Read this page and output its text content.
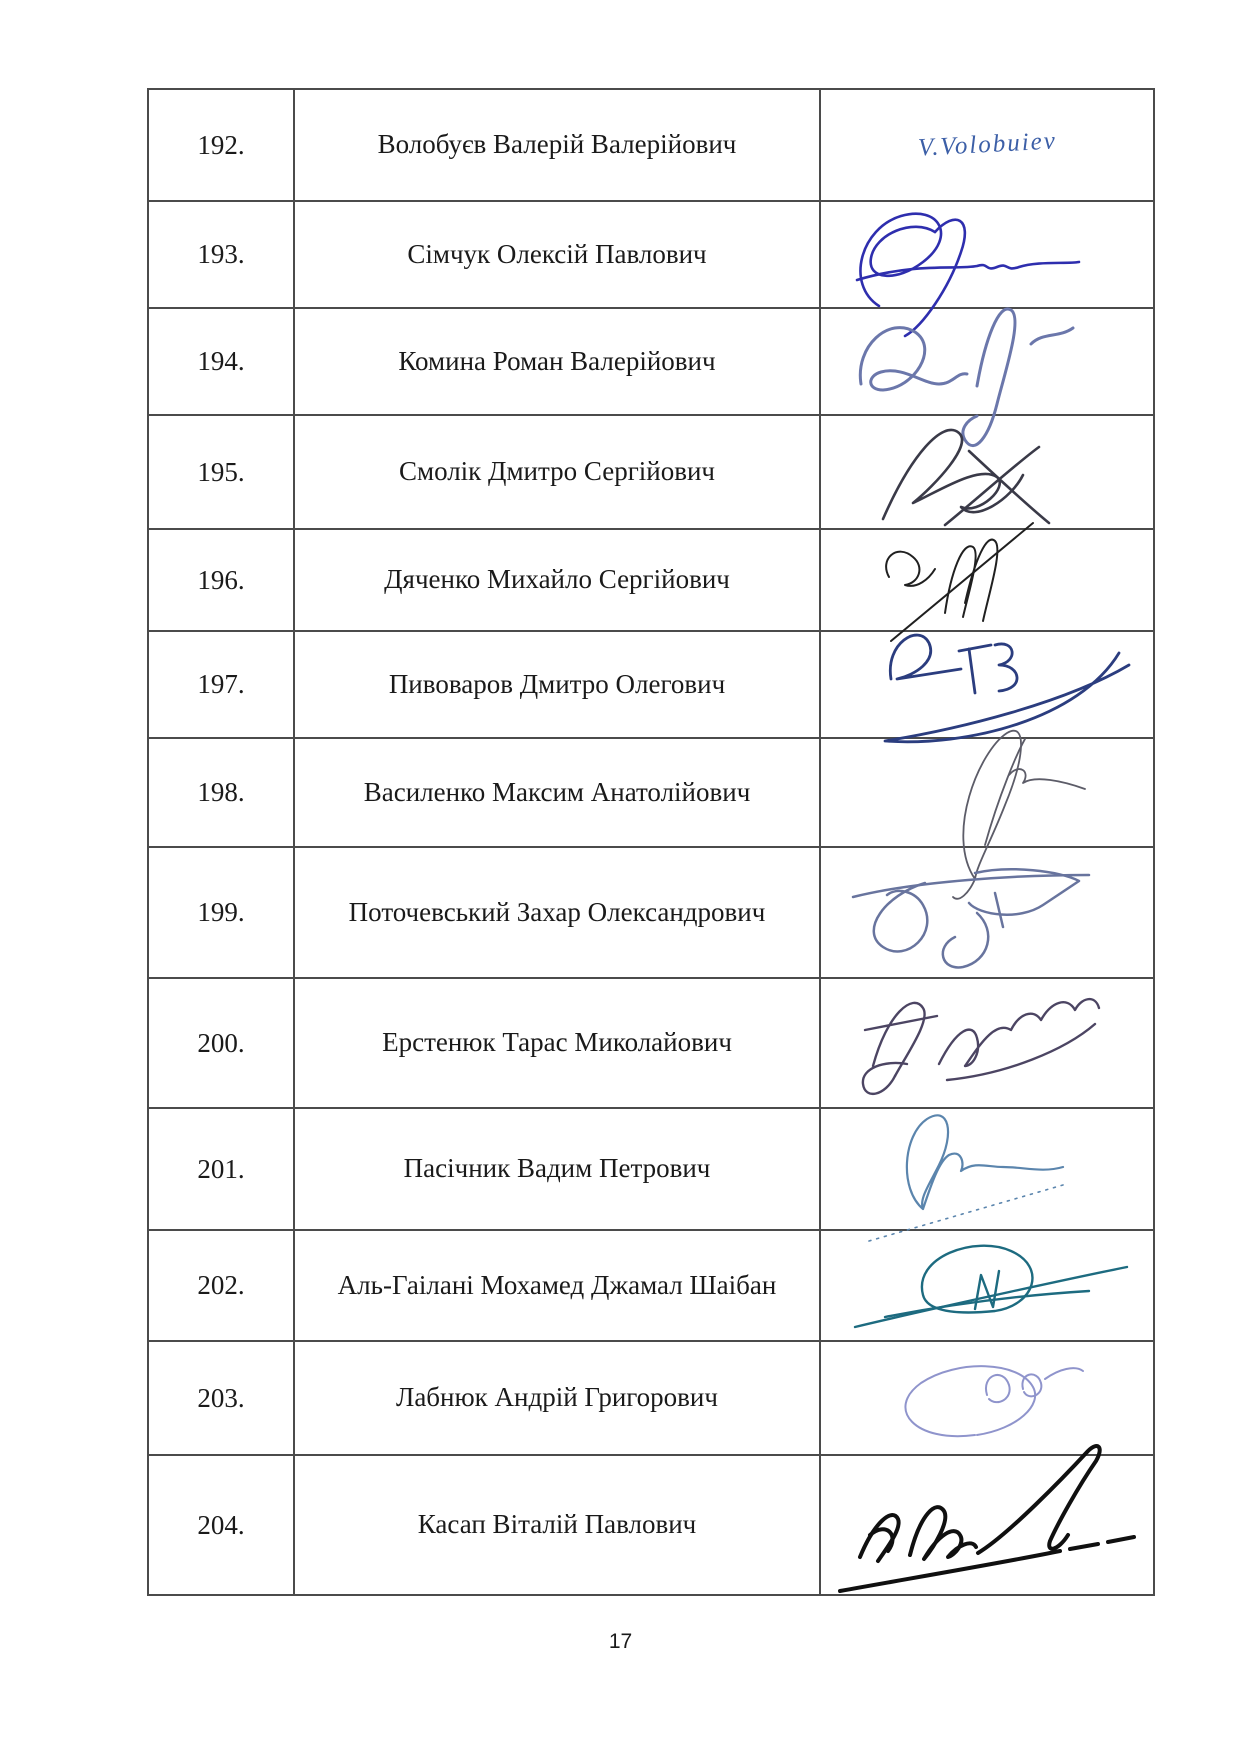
192.	Волобуєв Валерій Валерійович	V.Volobuiev
193.	Сімчук Олексій Павлович
194.	Комина Роман Валерійович
195.	Смолік Дмитро Сергійович
196.	Дяченко Михайло Сергійович
197.	Пивоваров Дмитро Олегович
198.	Василенко Максим Анатолійович
199.	Поточевський Захар Олександрович
200.	Ерстенюк Тарас Миколайович
201.	Пасічник Вадим Петрович
202.	Аль-Гаілані Мохамед Джамал Шаібан
203.	Лабнюк Андрій Григорович
204.	Касап Віталій Павлович
17
